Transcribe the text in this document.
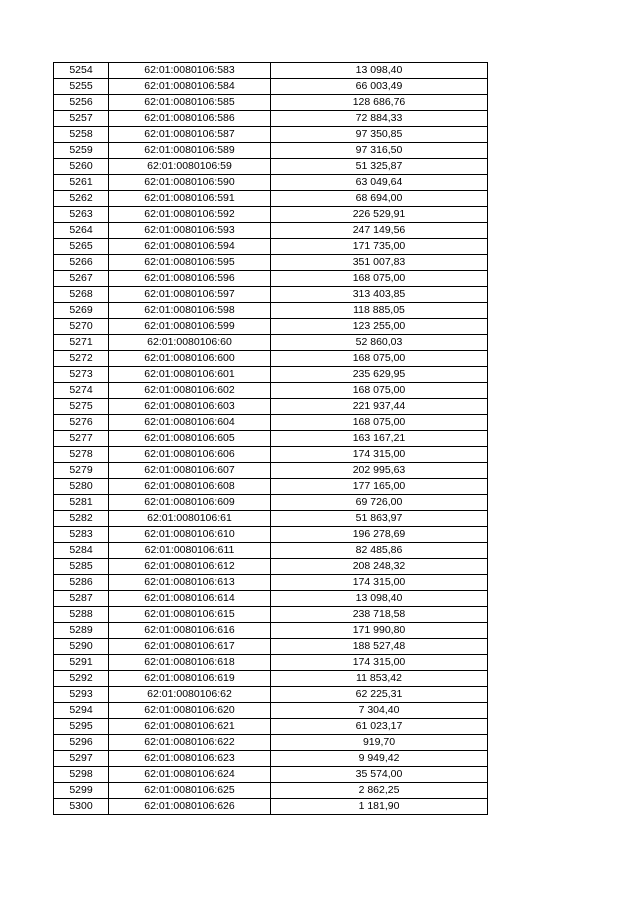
5254	62:01:0080106:583	13 098,40
5255	62:01:0080106:584	66 003,49
5256	62:01:0080106:585	128 686,76
5257	62:01:0080106:586	72 884,33
5258	62:01:0080106:587	97 350,85
5259	62:01:0080106:589	97 316,50
5260	62:01:0080106:59	51 325,87
5261	62:01:0080106:590	63 049,64
5262	62:01:0080106:591	68 694,00
5263	62:01:0080106:592	226 529,91
5264	62:01:0080106:593	247 149,56
5265	62:01:0080106:594	171 735,00
5266	62:01:0080106:595	351 007,83
5267	62:01:0080106:596	168 075,00
5268	62:01:0080106:597	313 403,85
5269	62:01:0080106:598	118 885,05
5270	62:01:0080106:599	123 255,00
5271	62:01:0080106:60	52 860,03
5272	62:01:0080106:600	168 075,00
5273	62:01:0080106:601	235 629,95
5274	62:01:0080106:602	168 075,00
5275	62:01:0080106:603	221 937,44
5276	62:01:0080106:604	168 075,00
5277	62:01:0080106:605	163 167,21
5278	62:01:0080106:606	174 315,00
5279	62:01:0080106:607	202 995,63
5280	62:01:0080106:608	177 165,00
5281	62:01:0080106:609	69 726,00
5282	62:01:0080106:61	51 863,97
5283	62:01:0080106:610	196 278,69
5284	62:01:0080106:611	82 485,86
5285	62:01:0080106:612	208 248,32
5286	62:01:0080106:613	174 315,00
5287	62:01:0080106:614	13 098,40
5288	62:01:0080106:615	238 718,58
5289	62:01:0080106:616	171 990,80
5290	62:01:0080106:617	188 527,48
5291	62:01:0080106:618	174 315,00
5292	62:01:0080106:619	11 853,42
5293	62:01:0080106:62	62 225,31
5294	62:01:0080106:620	7 304,40
5295	62:01:0080106:621	61 023,17
5296	62:01:0080106:622	919,70
5297	62:01:0080106:623	9 949,42
5298	62:01:0080106:624	35 574,00
5299	62:01:0080106:625	2 862,25
5300	62:01:0080106:626	1 181,90
